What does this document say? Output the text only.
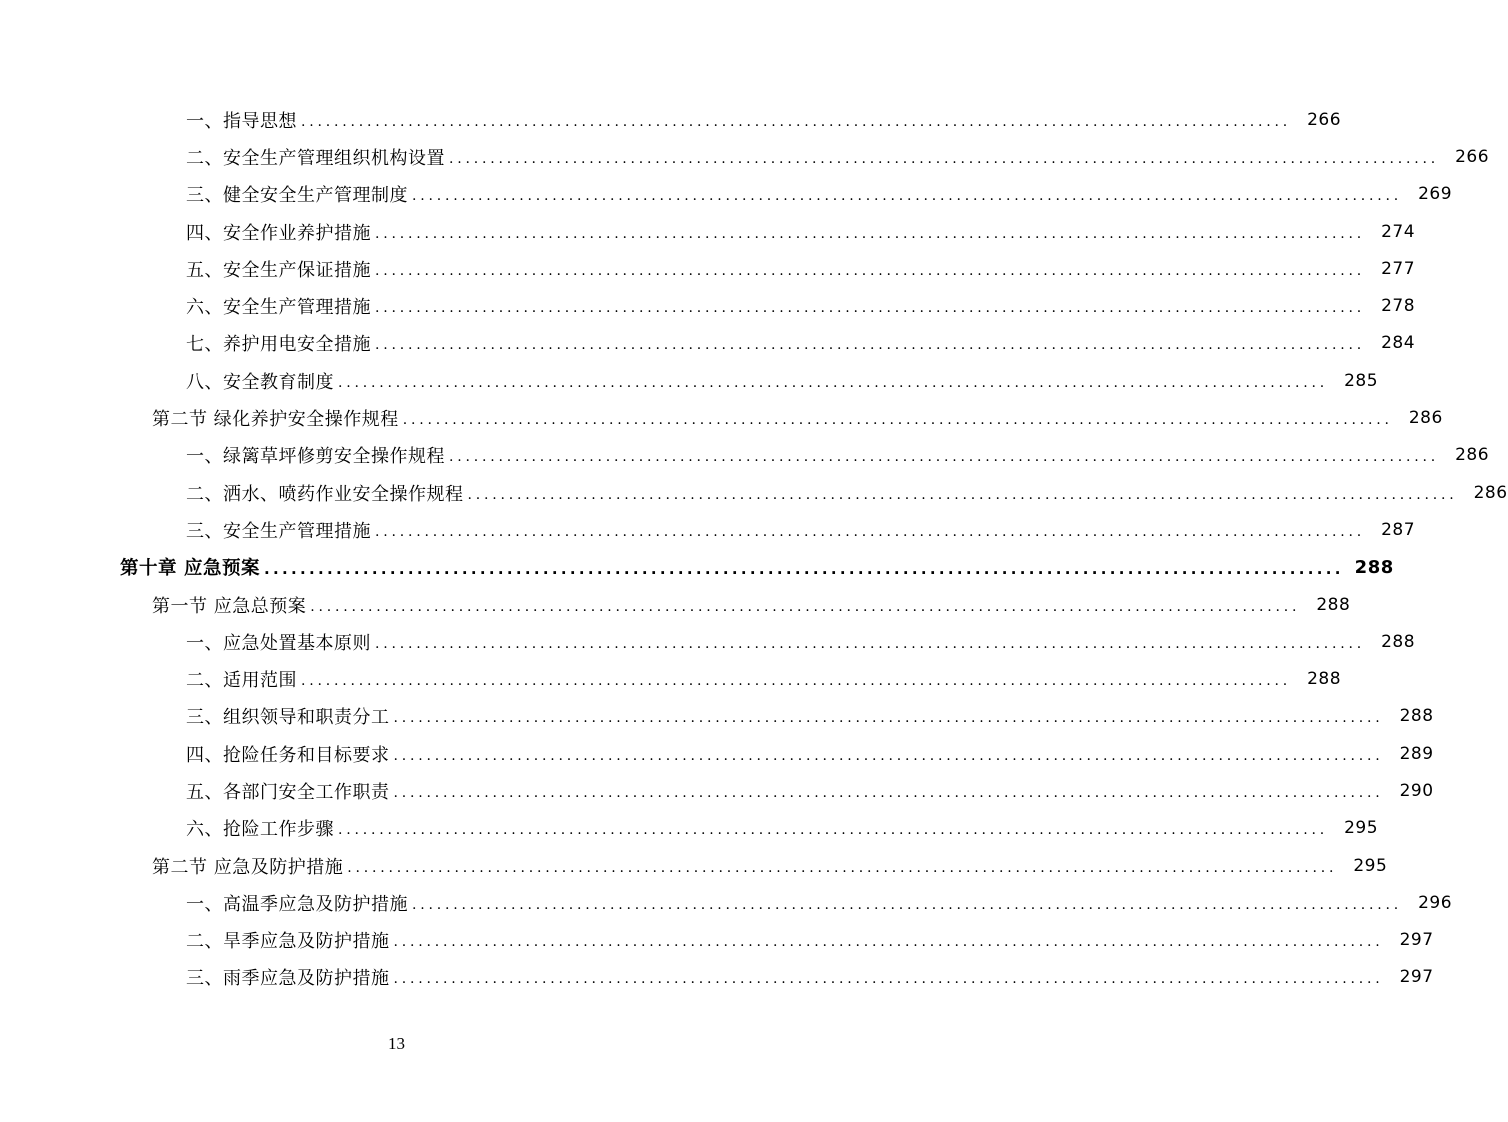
一、指导思想 ........................................................................................................................ 266
二、安全生产管理组织机构设置 ........................................................................................................................ 266
三、健全安全生产管理制度 ........................................................................................................................ 269
四、安全作业养护措施 ........................................................................................................................ 274
五、安全生产保证措施 ........................................................................................................................ 277
六、安全生产管理措施 ........................................................................................................................ 278
七、养护用电安全措施 ........................................................................................................................ 284
八、安全教育制度 ........................................................................................................................ 285
第二节 绿化养护安全操作规程 ........................................................................................................................ 286
一、绿篱草坪修剪安全操作规程 ........................................................................................................................ 286
二、洒水、喷药作业安全操作规程 ........................................................................................................................ 286
三、安全生产管理措施 ........................................................................................................................ 287
第十章 应急预案 ........................................................................................................................ 288
第一节 应急总预案 ........................................................................................................................ 288
一、应急处置基本原则 ........................................................................................................................ 288
二、适用范围 ........................................................................................................................ 288
三、组织领导和职责分工 ........................................................................................................................ 288
四、抢险任务和目标要求 ........................................................................................................................ 289
五、各部门安全工作职责 ........................................................................................................................ 290
六、抢险工作步骤 ........................................................................................................................ 295
第二节 应急及防护措施 ........................................................................................................................ 295
一、高温季应急及防护措施 ........................................................................................................................ 296
二、旱季应急及防护措施 ........................................................................................................................ 297
三、雨季应急及防护措施 ........................................................................................................................ 297
13
